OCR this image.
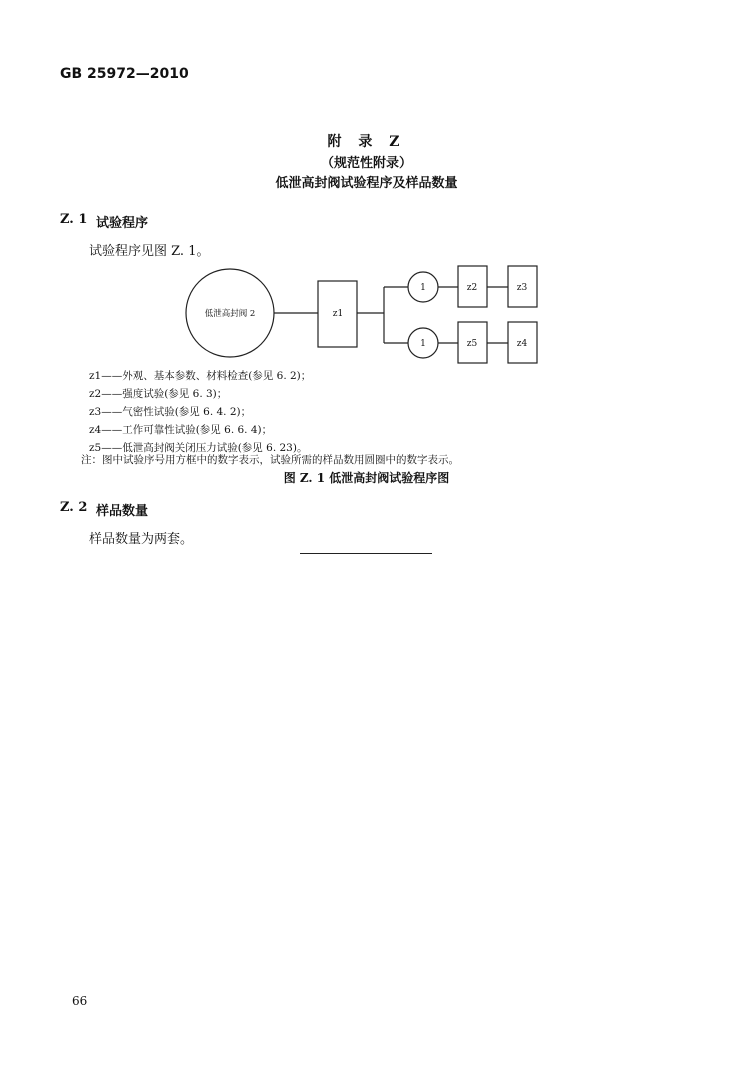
GB 25972—2010
附 录 Z
（规范性附录）
低泄高封阀试验程序及样品数量
Z. 1 试验程序
试验程序见图 Z. 1。
低泄高封阀 2	z1
1
1
z2	z3
z5	z4
z1——外观、基本参数、材料检查(参见 6. 2)；
z2——强度试验(参见 6. 3)；
z3——气密性试验(参见 6. 4. 2)；
z4——工作可靠性试验(参见 6. 6. 4)；
z5——低泄高封阀关闭压力试验(参见 6. 23)。
注：图中试验序号用方框中的数字表示，试验所需的样品数用圆圈中的数字表示。
图 Z. 1 低泄高封阀试验程序图
Z. 2 样品数量
样品数量为两套。
66
